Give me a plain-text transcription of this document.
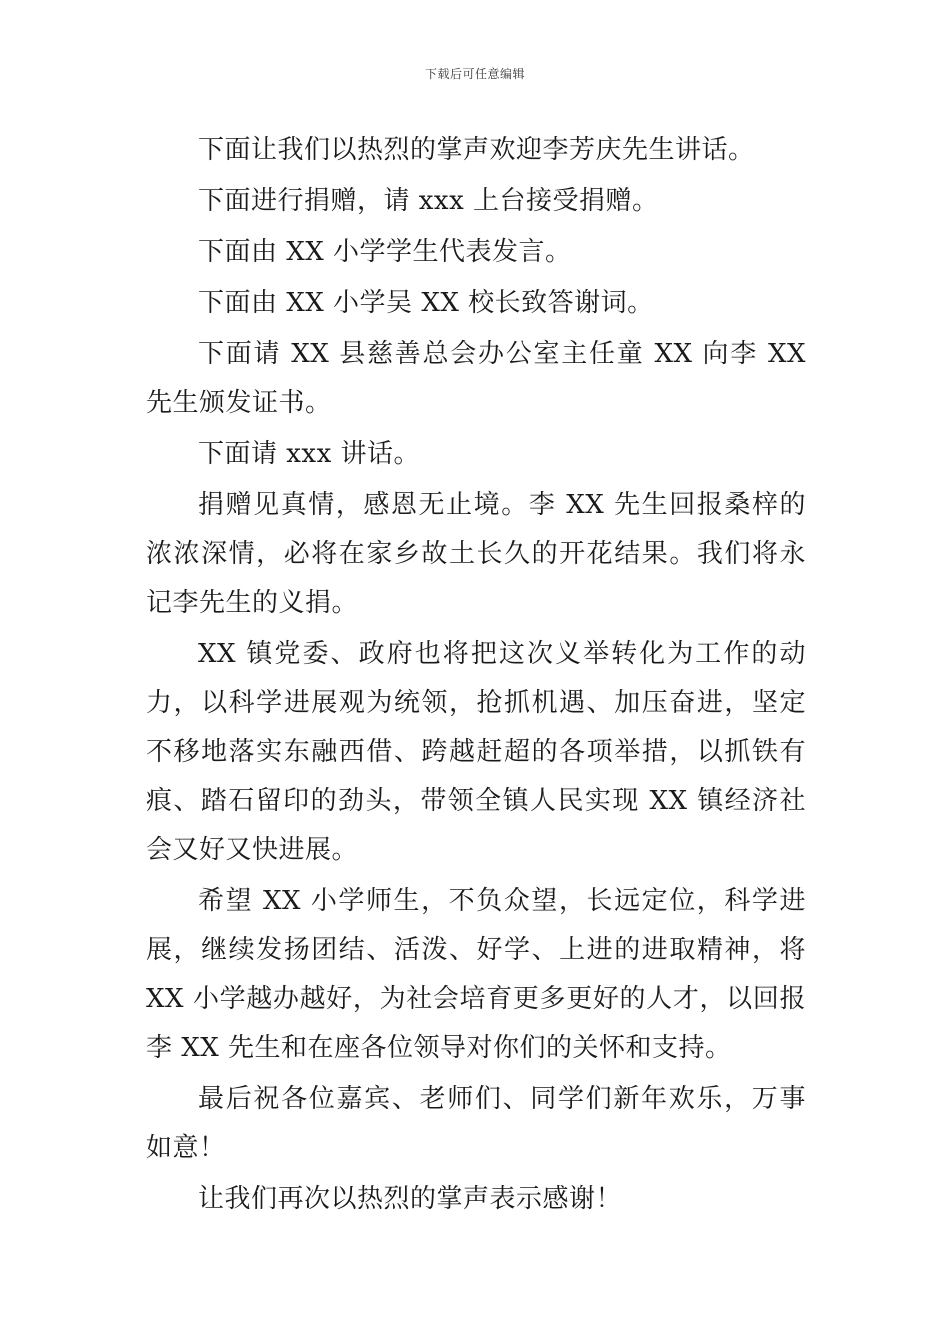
下载后可任意编辑

下面让我们以热烈的掌声欢迎李芳庆先生讲话。

下面进行捐赠，请 xxx 上台接受捐赠。

下面由 XX 小学学生代表发言。

下面由 XX 小学吴 XX 校长致答谢词。

下面请 XX 县慈善总会办公室主任童 XX 向李 XX 先生颁发证书。

下面请 xxx 讲话。

捐赠见真情，感恩无止境。李 XX 先生回报桑梓的浓浓深情，必将在家乡故土长久的开花结果。我们将永记李先生的义捐。

XX 镇党委、政府也将把这次义举转化为工作的动力，以科学进展观为统领，抢抓机遇、加压奋进，坚定不移地落实东融西借、跨越赶超的各项举措，以抓铁有痕、踏石留印的劲头，带领全镇人民实现 XX 镇经济社会又好又快进展。

希望 XX 小学师生，不负众望，长远定位，科学进展，继续发扬团结、活泼、好学、上进的进取精神，将 XX 小学越办越好，为社会培育更多更好的人才，以回报李 XX 先生和在座各位领导对你们的关怀和支持。

最后祝各位嘉宾、老师们、同学们新年欢乐，万事如意！

让我们再次以热烈的掌声表示感谢！
